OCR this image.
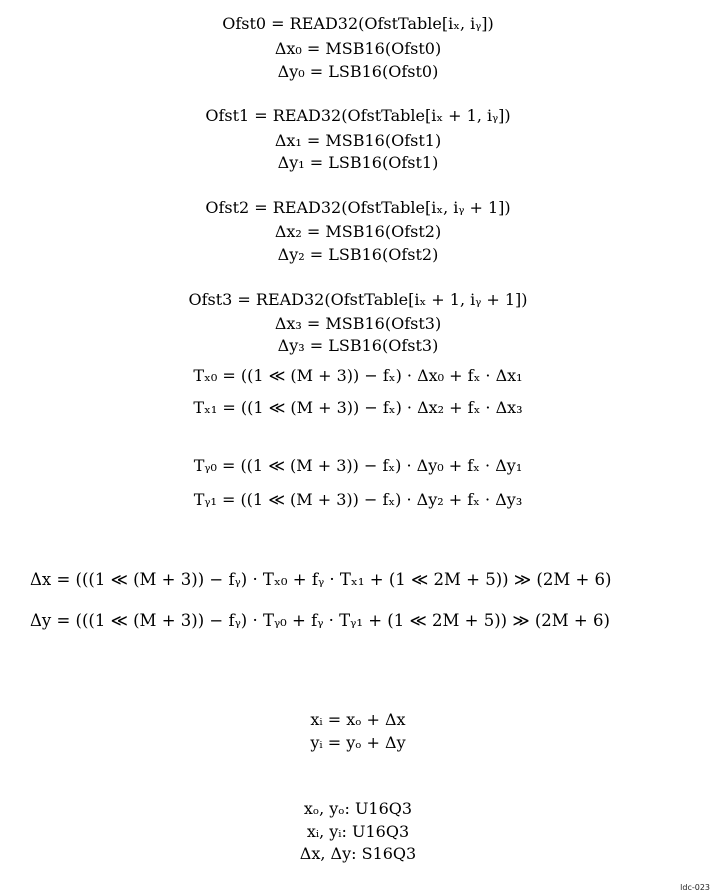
Ofst0 = READ32(OfstTable[iₓ, iᵧ])
Δx₀ = MSB16(Ofst0)
Δy₀ = LSB16(Ofst0)
Ofst1 = READ32(OfstTable[iₓ + 1, iᵧ])
Δx₁ = MSB16(Ofst1)
Δy₁ = LSB16(Ofst1)
Ofst2 = READ32(OfstTable[iₓ, iᵧ + 1])
Δx₂ = MSB16(Ofst2)
Δy₂ = LSB16(Ofst2)
Ofst3 = READ32(OfstTable[iₓ + 1, iᵧ + 1])
Δx₃ = MSB16(Ofst3)
Δy₃ = LSB16(Ofst3)
Tₓ₀ = ((1 ≪ (M + 3)) − fₓ) · Δx₀ + fₓ · Δx₁
Tₓ₁ = ((1 ≪ (M + 3)) − fₓ) · Δx₂ + fₓ · Δx₃
Tᵧ₀ = ((1 ≪ (M + 3)) − fₓ) · Δy₀ + fₓ · Δy₁
Tᵧ₁ = ((1 ≪ (M + 3)) − fₓ) · Δy₂ + fₓ · Δy₃
Δx = (((1 ≪ (M + 3)) − fᵧ) · Tₓ₀ + fᵧ · Tₓ₁ + (1 ≪ 2M + 5)) ≫ (2M + 6)
Δy = (((1 ≪ (M + 3)) − fᵧ) · Tᵧ₀ + fᵧ · Tᵧ₁ + (1 ≪ 2M + 5)) ≫ (2M + 6)
xᵢ = xₒ + Δx
yᵢ = yₒ + Δy
xₒ, yₒ: U16Q3
xᵢ, yᵢ: U16Q3
Δx, Δy: S16Q3
ldc-023
